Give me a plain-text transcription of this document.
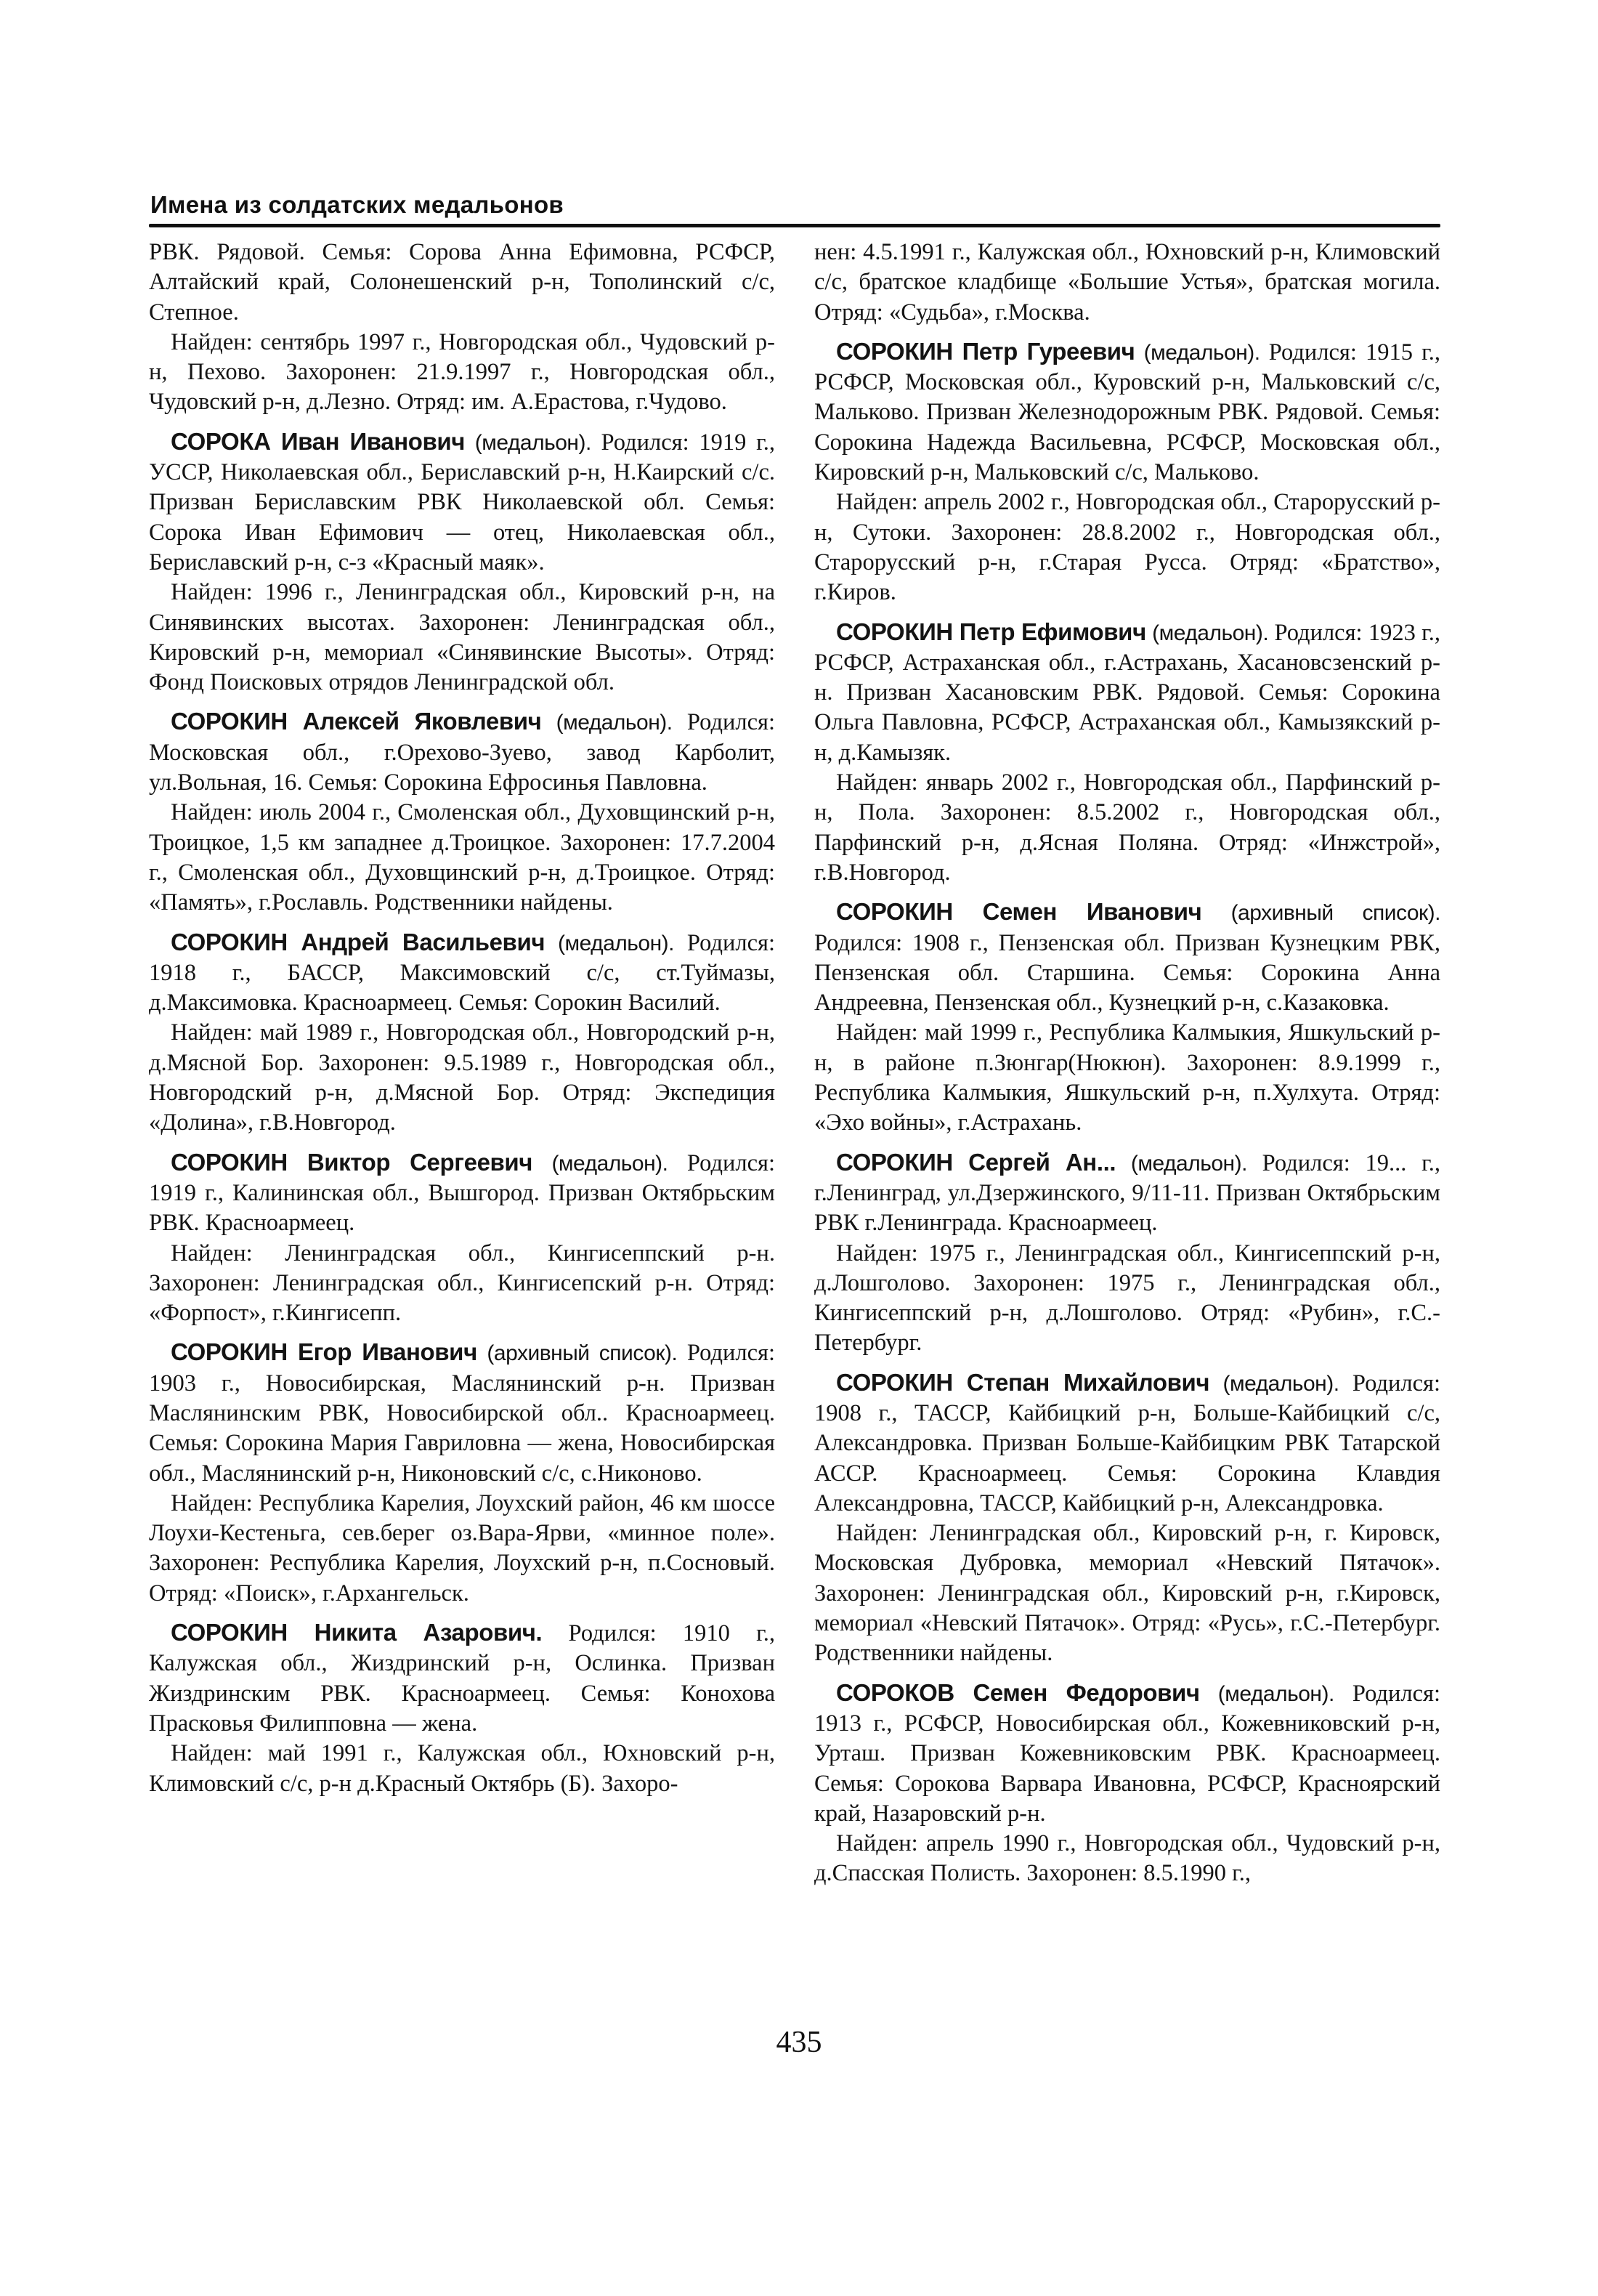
Имена из солдатских медальонов

РВК. Рядовой. Семья: Сорова Анна Ефимовна, РСФСР, Алтайский край, Солонешенский р-н, Тополинский с/с, Степное.

Найден: сентябрь 1997 г., Новгородская обл., Чудовский р-н, Пехово. Захоронен: 21.9.1997 г., Новгородская обл., Чудовский р-н, д.Лезно. Отряд: им. А.Ерастова, г.Чудово.

СОРОКА Иван Иванович (медальон). Родился: 1919 г., УССР, Николаевская обл., Бериславский р-н, Н.Каирский с/с. Призван Бериславским РВК Николаевской обл. Семья: Сорока Иван Ефимович — отец, Николаевская обл., Бериславский р-н, с-з «Красный маяк».

Найден: 1996 г., Ленинградская обл., Кировский р-н, на Синявинских высотах. Захоронен: Ленинградская обл., Кировский р-н, мемориал «Синявинские Высоты». Отряд: Фонд Поисковых отрядов Ленинградской обл.

СОРОКИН Алексей Яковлевич (медальон). Родился: Московская обл., г.Орехово-Зуево, завод Карболит, ул.Вольная, 16. Семья: Сорокина Ефросинья Павловна.

Найден: июль 2004 г., Смоленская обл., Духовщинский р-н, Троицкое, 1,5 км западнее д.Троицкое. Захоронен: 17.7.2004 г., Смоленская обл., Духовщинский р-н, д.Троицкое. Отряд: «Память», г.Рославль. Родственники найдены.

СОРОКИН Андрей Васильевич (медальон). Родился: 1918 г., БАССР, Максимовский с/с, ст.Туймазы, д.Максимовка. Красноармеец. Семья: Сорокин Василий.

Найден: май 1989 г., Новгородская обл., Новгородский р-н, д.Мясной Бор. Захоронен: 9.5.1989 г., Новгородская обл., Новгородский р-н, д.Мясной Бор. Отряд: Экспедиция «Долина», г.В.Новгород.

СОРОКИН Виктор Сергеевич (медальон). Родился: 1919 г., Калининская обл., Вышгород. Призван Октябрьским РВК. Красноармеец.

Найден: Ленинградская обл., Кингисеппский р-н. Захоронен: Ленинградская обл., Кингисепский р-н. Отряд: «Форпост», г.Кингисепп.

СОРОКИН Егор Иванович (архивный список). Родился: 1903 г., Новосибирская, Маслянинский р-н. Призван Маслянинским РВК, Новосибирской обл.. Красноармеец. Семья: Сорокина Мария Гавриловна — жена, Новосибирская обл., Маслянинский р-н, Никоновский с/с, с.Никоново.

Найден: Республика Карелия, Лоухский район, 46 км шоссе Лоухи-Кестеньга, сев.берег оз.Вара-Ярви, «минное поле». Захоронен: Республика Карелия, Лоухский р-н, п.Сосновый. Отряд: «Поиск», г.Архангельск.

СОРОКИН Никита Азарович. Родился: 1910 г., Калужская обл., Жиздринский р-н, Ослинка. Призван Жиздринским РВК. Красноармеец. Семья: Конохова Прасковья Филипповна — жена.

Найден: май 1991 г., Калужская обл., Юхновский р-н, Климовский с/с, р-н д.Красный Октябрь (Б). Захоро-

нен: 4.5.1991 г., Калужская обл., Юхновский р-н, Климовский с/с, братское кладбище «Большие Устья», братская могила. Отряд: «Судьба», г.Москва.

СОРОКИН Петр Гуреевич (медальон). Родился: 1915 г., РСФСР, Московская обл., Куровский р-н, Мальковский с/с, Мальково. Призван Железнодорожным РВК. Рядовой. Семья: Сорокина Надежда Васильевна, РСФСР, Московская обл., Кировский р-н, Мальковский с/с, Мальково.

Найден: апрель 2002 г., Новгородская обл., Старорусский р-н, Сутоки. Захоронен: 28.8.2002 г., Новгородская обл., Старорусский р-н, г.Старая Русса. Отряд: «Братство», г.Киров.

СОРОКИН Петр Ефимович (медальон). Родился: 1923 г., РСФСР, Астраханская обл., г.Астрахань, Хасановсзенский р-н. Призван Хасановским РВК. Рядовой. Семья: Сорокина Ольга Павловна, РСФСР, Астраханская обл., Камызякский р-н, д.Камызяк.

Найден: январь 2002 г., Новгородская обл., Парфинский р-н, Пола. Захоронен: 8.5.2002 г., Новгородская обл., Парфинский р-н, д.Ясная Поляна. Отряд: «Инжстрой», г.В.Новгород.

СОРОКИН Семен Иванович (архивный список). Родился: 1908 г., Пензенская обл. Призван Кузнецким РВК, Пензенская обл. Старшина. Семья: Сорокина Анна Андреевна, Пензенская обл., Кузнецкий р-н, с.Казаковка.

Найден: май 1999 г., Республика Калмыкия, Яшкульский р-н, в районе п.Зюнгар(Нюкюн). Захоронен: 8.9.1999 г., Республика Калмыкия, Яшкульский р-н, п.Хулхута. Отряд: «Эхо войны», г.Астрахань.

СОРОКИН Сергей Ан... (медальон). Родился: 19... г., г.Ленинград, ул.Дзержинского, 9/11-11. Призван Октябрьским РВК г.Ленинграда. Красноармеец.

Найден: 1975 г., Ленинградская обл., Кингисеппский р-н, д.Лошголово. Захоронен: 1975 г., Ленинградская обл., Кингисеппский р-н, д.Лошголово. Отряд: «Рубин», г.С.-Петербург.

СОРОКИН Степан Михайлович (медальон). Родился: 1908 г., ТАССР, Кайбицкий р-н, Больше-Кайбицкий с/с, Александровка. Призван Больше-Кайбицким РВК Татарской АССР. Красноармеец. Семья: Сорокина Клавдия Александровна, ТАССР, Кайбицкий р-н, Александровка.

Найден: Ленинградская обл., Кировский р-н, г. Кировск, Московская Дубровка, мемориал «Невский Пятачок». Захоронен: Ленинградская обл., Кировский р-н, г.Кировск, мемориал «Невский Пятачок». Отряд: «Русь», г.С.-Петербург. Родственники найдены.

СОРОКОВ Семен Федорович (медальон). Родился: 1913 г., РСФСР, Новосибирская обл., Кожевниковский р-н, Урташ. Призван Кожевниковским РВК. Красноармеец. Семья: Сорокова Варвара Ивановна, РСФСР, Красноярский край, Назаровский р-н.

Найден: апрель 1990 г., Новгородская обл., Чудовский р-н, д.Спасская Полисть. Захоронен: 8.5.1990 г.,

435
